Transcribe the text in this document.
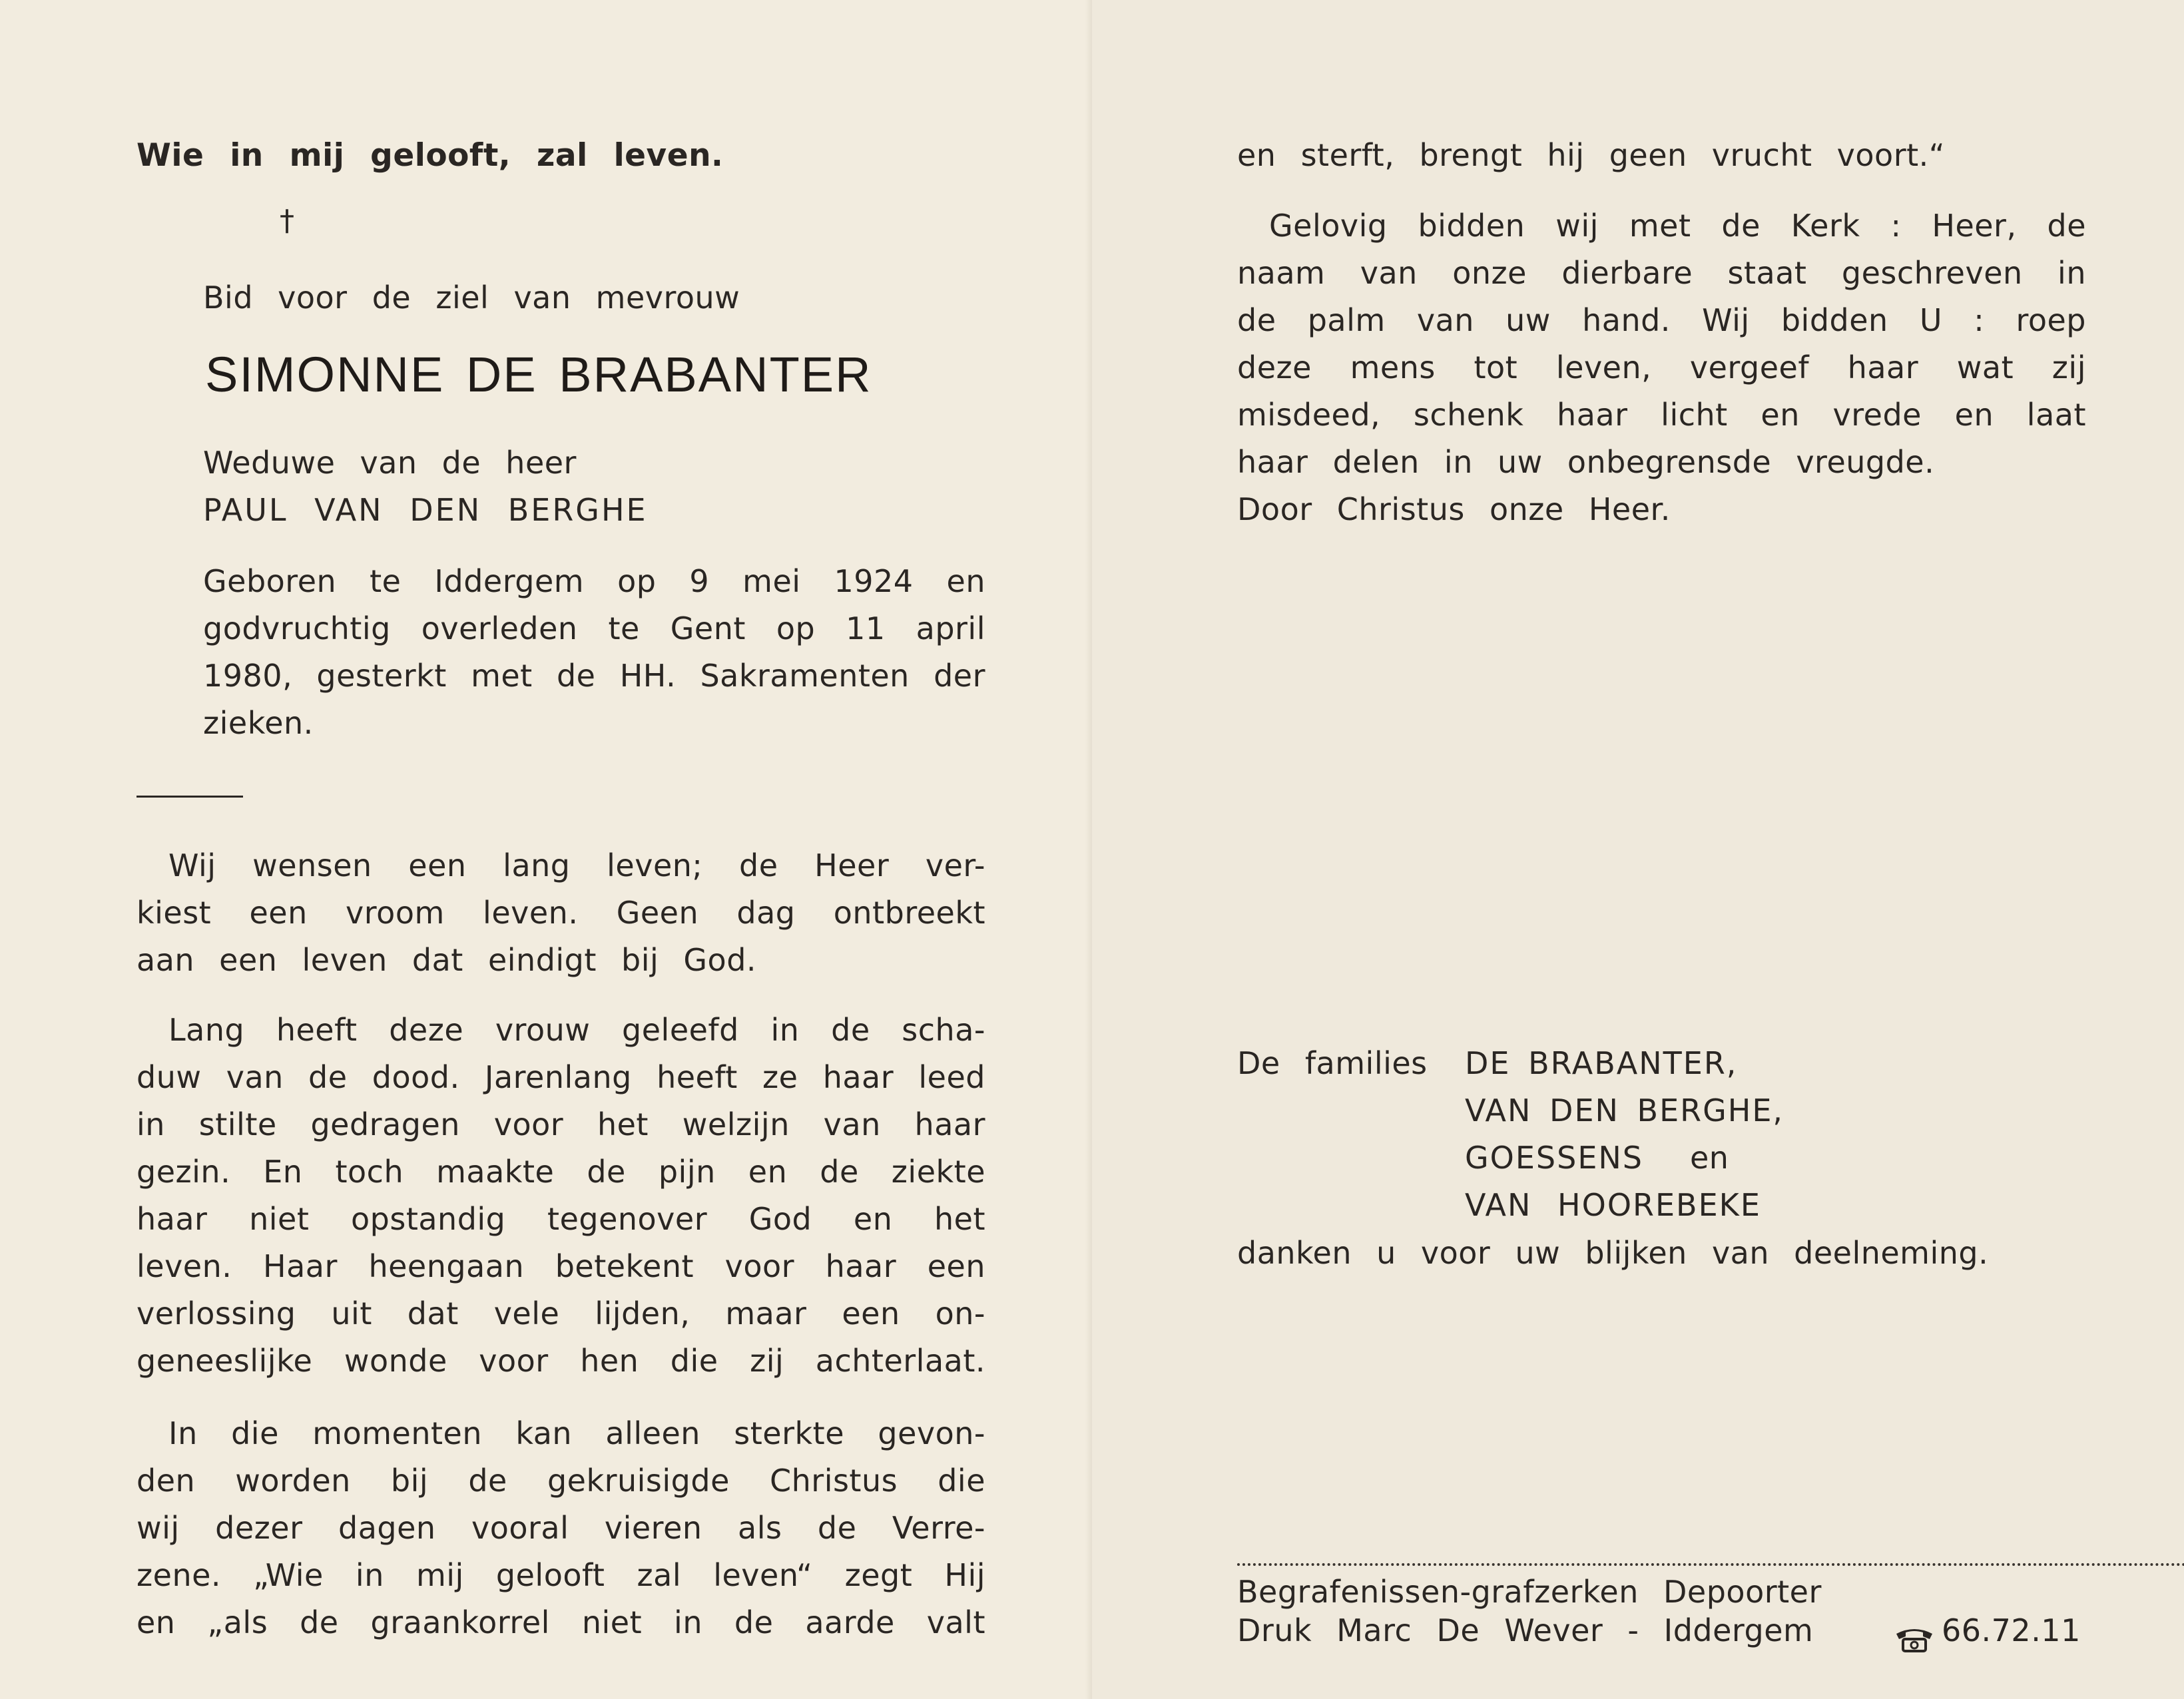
Wie in mij gelooft, zal leven.
†
Bid voor de ziel van mevrouw
SIMONNE DE BRABANTER
Weduwe van de heer
PAUL VAN DEN BERGHE
Geboren te Iddergem op 9 mei 1924 en
godvruchtig overleden te Gent op 11 april
1980, gesterkt met de HH. Sakramenten der
zieken.
Wij wensen een lang leven; de Heer ver-
kiest een vroom leven. Geen dag ontbreekt
aan een leven dat eindigt bij God.
Lang heeft deze vrouw geleefd in de scha-
duw van de dood. Jarenlang heeft ze haar leed
in stilte gedragen voor het welzijn van haar
gezin. En toch maakte de pijn en de ziekte
haar niet opstandig tegenover God en het
leven. Haar heengaan betekent voor haar een
verlossing uit dat vele lijden, maar een on-
geneeslijke wonde voor hen die zij achterlaat.
In die momenten kan alleen sterkte gevon-
den worden bij de gekruisigde Christus die
wij dezer dagen vooral vieren als de Verre-
zene. „Wie in mij gelooft zal leven“ zegt Hij
en „als de graankorrel niet in de aarde valt
en sterft, brengt hij geen vrucht voort.“
Gelovig bidden wij met de Kerk : Heer, de
naam van onze dierbare staat geschreven in
de palm van uw hand. Wij bidden U : roep
deze mens tot leven, vergeef haar wat zij
misdeed, schenk haar licht en vrede en laat
haar delen in uw onbegrensde vreugde.
Door Christus onze Heer.
De families DE BRABANTER,
VAN DEN BERGHE,
GOESSENS en
VAN HOOREBEKE
danken u voor uw blijken van deelneming.
Begrafenissen-grafzerken Depoorter
Druk Marc De Wever - Iddergem	66.72.11
